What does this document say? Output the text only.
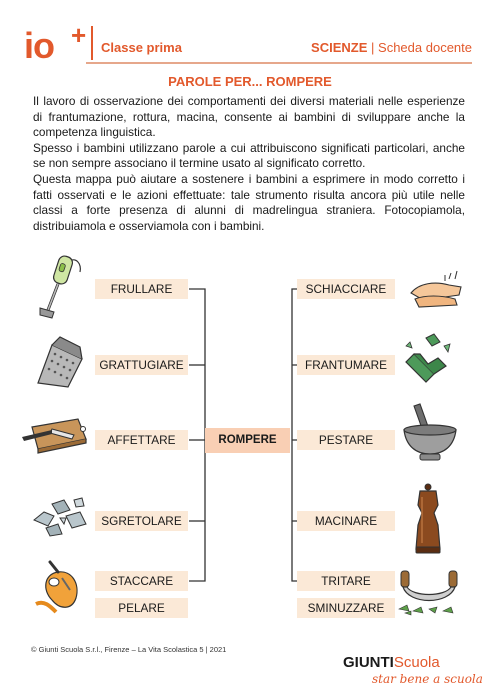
io + Classe prima	SCIENZE | Scheda docente
PAROLE PER... ROMPERE

Il lavoro di osservazione dei comportamenti dei diversi materiali nelle esperienze di frantumazione, rottura, macina, consente ai bambini di sviluppare anche la competenza linguistica.

Spesso i bambini utilizzano parole a cui attribuiscono significati particolari, anche se non sempre associano il termine usato al significato corretto.

Questa mappa può aiutare a sostenere i bambini a esprimere in modo corretto i fatti osservati e le azioni effettuate: tale strumento risulta ancora più utile nelle classi a forte presenza di alunni di madrelingua straniera. Fotocopiamola, distribuiamola e osserviamola con i bambini.

FRULLARE
GRATTUGIARE
AFFETTARE
SGRETOLARE
STACCARE
PELARE
ROMPERE
SCHIACCIARE
FRANTUMARE
PESTARE
MACINARE
TRITARE
SMINUZZARE
© Giunti Scuola S.r.l., Firenze – La Vita Scolastica 5 | 2021
GIUNTIScuola
star bene a scuola
